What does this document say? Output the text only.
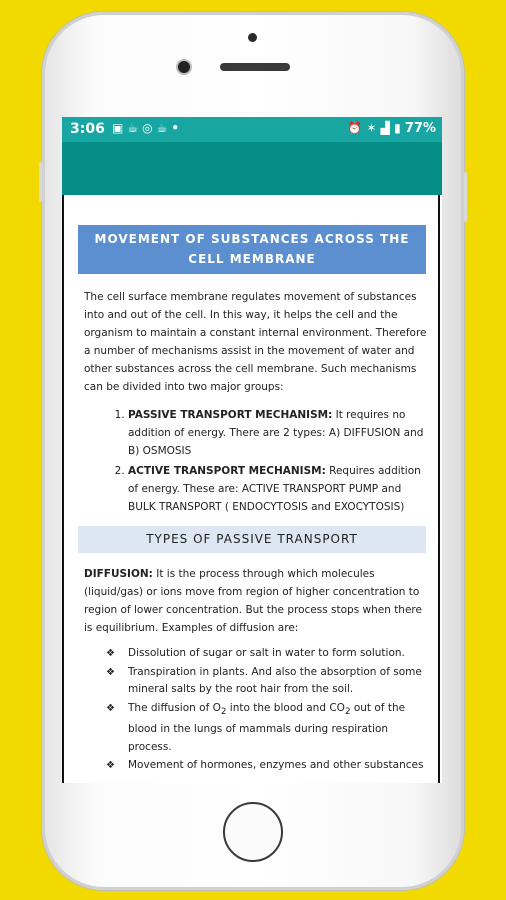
3:06 ▣☕◎☕•	⏰ ✶ ▟ ▮ 77%
MOVEMENT OF SUBSTANCES ACROSS THE CELL MEMBRANE

The cell surface membrane regulates movement of substances into and out of the cell. In this way, it helps the cell and the organism to maintain a constant internal environment. Therefore a number of mechanisms assist in the movement of water and other substances across the cell membrane. Such mechanisms can be divided into two major groups:

1. PASSIVE TRANSPORT MECHANISM: It requires no addition of energy. There are 2 types: A) DIFFUSION and B) OSMOSIS
2. ACTIVE TRANSPORT MECHANISM: Requires addition of energy. These are: ACTIVE TRANSPORT PUMP and BULK TRANSPORT ( ENDOCYTOSIS and EXOCYTOSIS)
TYPES OF PASSIVE TRANSPORT

DIFFUSION: It is the process through which molecules (liquid/gas) or ions move from region of higher concentration to region of lower concentration. But the process stops when there is equilibrium. Examples of diffusion are:

❖ Dissolution of sugar or salt in water to form solution.
❖ Transpiration in plants. And also the absorption of some mineral salts by the root hair from the soil.
❖ The diffusion of $O_2$ into the blood and $CO_2$ out of the blood in the lungs of mammals during respiration process.
❖ Movement of hormones, enzymes and other substances
